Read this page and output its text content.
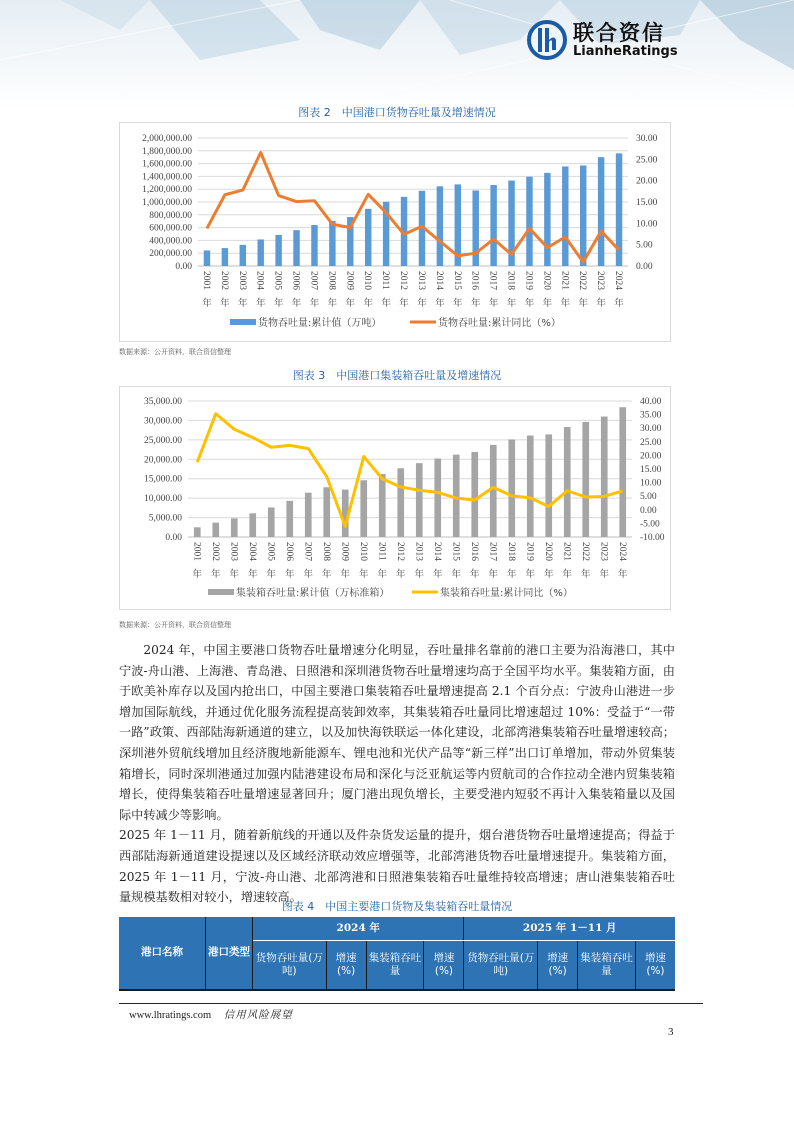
联合资信
LianheRatings
图表 2　中国港口货物吞吐量及增速情况
0.00
200,000.00
400,000.00
600,000.00
800,000.00
1,000,000.00
1,200,000.00
1,400,000.00
1,600,000.00
1,800,000.00
2,000,000.00
0.00
5.00
10.00
15.00
20.00
25.00
30.00
2001
年
2002
年
2003
年
2004
年
2005
年
2006
年
2007
年
2008
年
2009
年
2010
年
2011
年
2012
年
2013
年
2014
年
2015
年
2016
年
2017
年
2018
年
2019
年
2020
年
2021
年
2022
年
2023
年
2024
年
货物吞吐量:累计值（万吨）	货物吞吐量:累计同比（%）
数据来源：公开资料，联合资信整理
图表 3　中国港口集装箱吞吐量及增速情况
0.00
5,000.00
10,000.00
15,000.00
20,000.00
25,000.00
30,000.00
35,000.00
-10.00
-5.00
0.00
5.00
10.00
15.00
20.00
25.00
30.00
35.00
40.00
2001
年
2002
年
2003
年
2004
年
2005
年
2006
年
2007
年
2008
年
2009
年
2010
年
2011
年
2012
年
2013
年
2014
年
2015
年
2016
年
2017
年
2018
年
2019
年
2020
年
2021
年
2022
年
2023
年
2024
年
集装箱吞吐量:累计值（万标准箱）	集装箱吞吐量:累计同比（%）
数据来源：公开资料，联合资信整理

2024 年，中国主要港口货物吞吐量增速分化明显，吞吐量排名靠前的港口主要为沿海港口，其中宁波-舟山港、上海港、青岛港、日照港和深圳港货物吞吐量增速均高于全国平均水平。集装箱方面，由于欧美补库存以及国内抢出口，中国主要港口集装箱吞吐量增速提高 2.1 个百分点：宁波舟山港进一步增加国际航线，并通过优化服务流程提高装卸效率，其集装箱吞吐量同比增速超过 10%：受益于“一带一路”政策、西部陆海新通道的建立，以及加快海铁联运一体化建设，北部湾港集装箱吞吐量增速较高；深圳港外贸航线增加且经济腹地新能源车、锂电池和光伏产品等“新三样”出口订单增加，带动外贸集装箱增长，同时深圳港通过加强内陆港建设布局和深化与泛亚航运等内贸航司的合作拉动全港内贸集装箱增长，使得集装箱吞吐量增速显著回升；厦门港出现负增长，主要受港内短驳不再计入集装箱量以及国际中转减少等影响。

2025 年 1－11 月，随着新航线的开通以及件杂货发运量的提升，烟台港货物吞吐量增速提高；得益于西部陆海新通道建设提速以及区域经济联动效应增强等，北部湾港货物吞吐量增速提升。集装箱方面，2025 年 1－11 月，宁波-舟山港、北部湾港和日照港集装箱吞吐量维持较高增速；唐山港集装箱吞吐量规模基数相对较小，增速较高。

图表 4　中国主要港口货物及集装箱吞吐量情况
港口名称	港口类型	2024 年				2025 年 1－11 月			
		货物吞吐量(万吨)	增速(%)	集装箱吞吐量	增速(%)	货物吞吐量(万吨)	增速(%)	集装箱吞吐量	增速(%)
www.lhratings.com 信用风险展望
3
